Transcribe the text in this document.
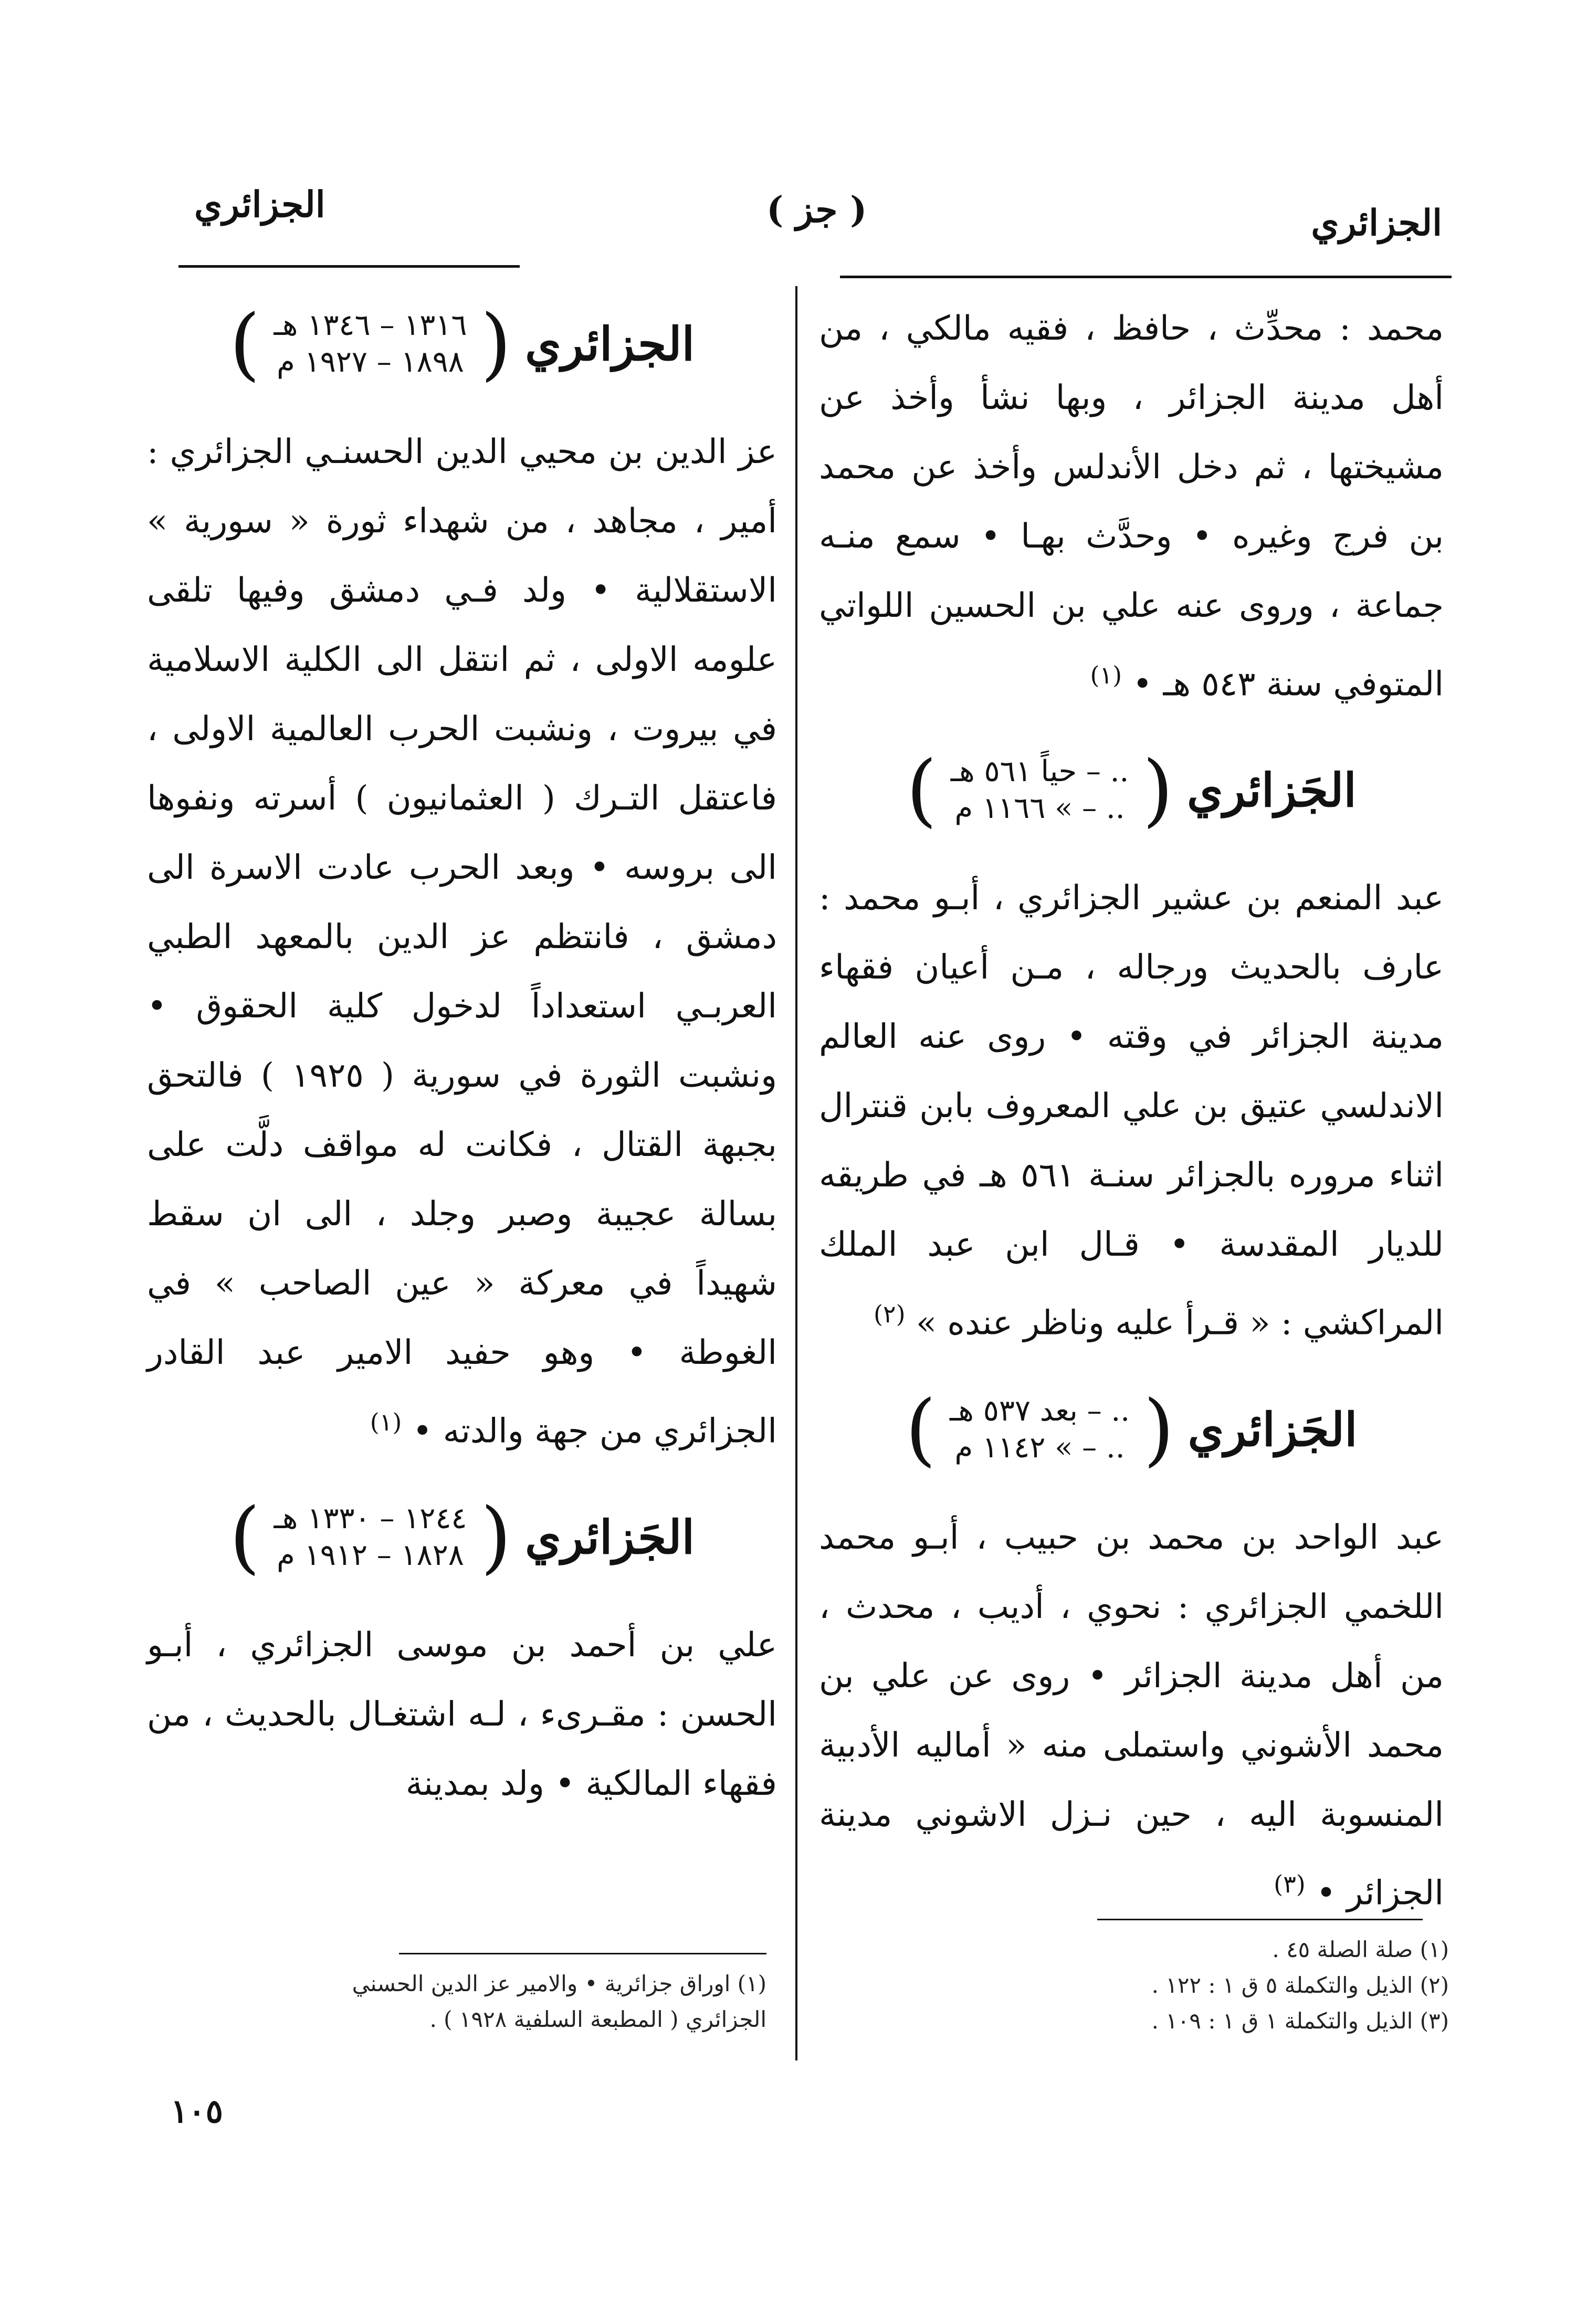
الجزائري
( جز )
الجزائري

محمد : محدِّث ، حافظ ، فقيه مالكي ، من أهل مدينة الجزائر ، وبها نشأ وأخذ عن مشيختها ، ثم دخل الأندلس وأخذ عن محمد بن فرج وغيره • وحدَّث بهـا • سمع منـه جماعة ، وروى عنه علي بن الحسين اللواتي المتوفي سنة ٥٤٣ هـ • $^{(١)}$

الجَزائري
(
.. – حياً ٥٦١ هـ
.. – » ١١٦٦ م
)

عبد المنعم بن عشير الجزائري ، أبـو محمد : عارف بالحديث ورجاله ، مـن أعيان فقهاء مدينة الجزائر في وقته • روى عنه العالم الاندلسي عتيق بن علي المعروف بابن قنترال اثناء مروره بالجزائر سنـة ٥٦١ هـ في طريقه للديار المقدسة • قـال ابن عبد الملك المراكشي : « قـرأ عليه وناظر عنده » $^{(٢)}$

الجَزائري
(
.. – بعد ٥٣٧ هـ
.. – » ١١٤٢ م
)

عبد الواحد بن محمد بن حبيب ، أبـو محمد اللخمي الجزائري : نحوي ، أديب ، محدث ، من أهل مدينة الجزائر • روى عن علي بن محمد الأشوني واستملى منه « أماليه الأدبية المنسوبة اليه ، حين نـزل الاشوني مدينة الجزائر • $^{(٣)}$

الجزائري
(
١٣١٦ – ١٣٤٦ هـ
١٨٩٨ – ١٩٢٧ م
)

عز الدين بن محيي الدين الحسنـي الجزائري : أمير ، مجاهد ، من شهداء ثورة « سورية » الاستقلالية • ولد فـي دمشق وفيها تلقى علومه الاولى ، ثم انتقل الى الكلية الاسلامية في بيروت ، ونشبت الحرب العالمية الاولى ، فاعتقل التـرك ( العثمانيون ) أسرته ونفوها الى بروسه • وبعد الحرب عادت الاسرة الى دمشق ، فانتظم عز الدين بالمعهد الطبي العربـي استعداداً لدخول كلية الحقوق • ونشبت الثورة في سورية ( ١٩٢٥ ) فالتحق بجبهة القتال ، فكانت له مواقف دلَّت على بسالة عجيبة وصبر وجلد ، الى ان سقط شهيداً في معركة « عين الصاحب » في الغوطة • وهو حفيد الامير عبد القادر الجزائري من جهة والدته • $^{(١)}$

الجَزائري
(
١٢٤٤ – ١٣٣٠ هـ
١٨٢٨ – ١٩١٢ م
)

علي بن أحمد بن موسى الجزائري ، أبـو الحسن : مقـرىء ، لـه اشتغـال بالحديث ، من فقهاء المالكية • ولد بمدينة

(١) صلة الصلة ٤٥ .
(٢) الذيل والتكملة ٥ ق ١ : ١٢٢ .
(٣) الذيل والتكملة ١ ق ١ : ١٠٩ .
(١) اوراق جزائرية • والامير عز الدين الحسني
الجزائري ( المطبعة السلفية ١٩٢٨ ) .
١٠٥
